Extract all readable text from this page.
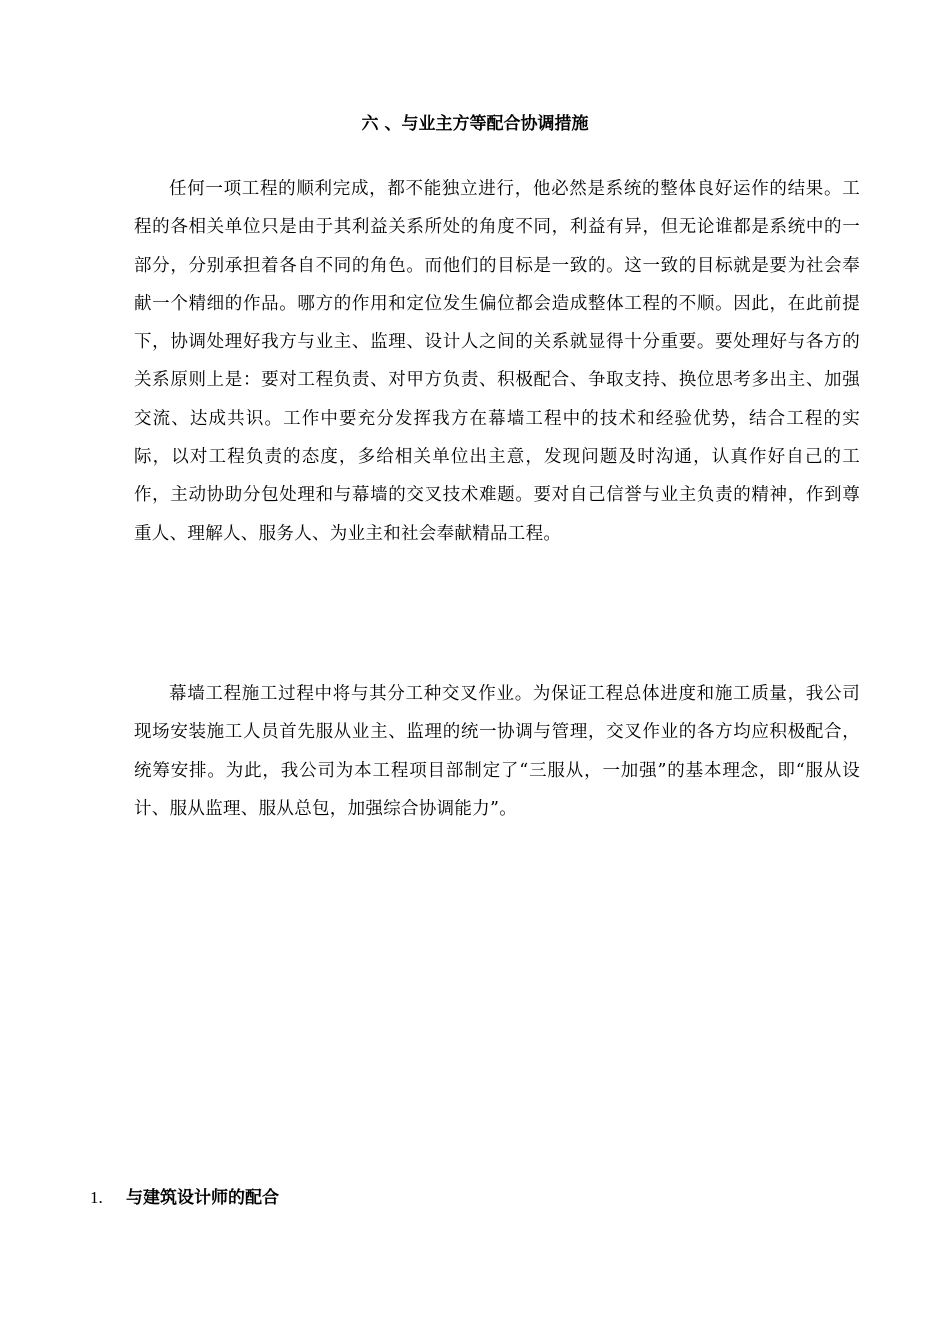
六 、与业主方等配合协调措施

任何一项工程的顺利完成，都不能独立进行，他必然是系统的整体良好运作的结果。工程的各相关单位只是由于其利益关系所处的角度不同，利益有异，但无论谁都是系统中的一部分，分别承担着各自不同的角色。而他们的目标是一致的。这一致的目标就是要为社会奉献一个精细的作品。哪方的作用和定位发生偏位都会造成整体工程的不顺。因此，在此前提下，协调处理好我方与业主、监理、设计人之间的关系就显得十分重要。要处理好与各方的关系原则上是：要对工程负责、对甲方负责、积极配合、争取支持、换位思考多出主、加强交流、达成共识。工作中要充分发挥我方在幕墙工程中的技术和经验优势，结合工程的实际，以对工程负责的态度，多给相关单位出主意，发现问题及时沟通，认真作好自己的工作，主动协助分包处理和与幕墙的交叉技术难题。要对自己信誉与业主负责的精神，作到尊重人、理解人、服务人、为业主和社会奉献精品工程。

幕墙工程施工过程中将与其分工种交叉作业。为保证工程总体进度和施工质量，我公司现场安装施工人员首先服从业主、监理的统一协调与管理，交叉作业的各方均应积极配合，统筹安排。为此，我公司为本工程项目部制定了“三服从，一加强”的基本理念，即“服从设计、服从监理、服从总包，加强综合协调能力”。

1. 与建筑设计师的配合
